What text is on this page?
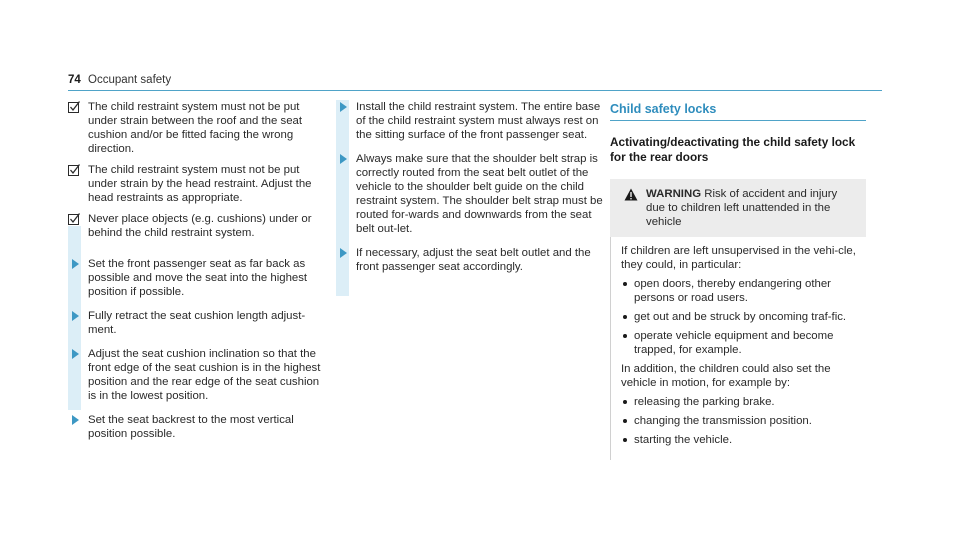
74 Occupant safety
The child restraint system must not be put under strain between the roof and the seat cushion and/or be fitted facing the wrong direction.
The child restraint system must not be put under strain by the head restraint. Adjust the head restraints as appropriate.
Never place objects (e.g. cushions) under or behind the child restraint system.
Set the front passenger seat as far back as possible and move the seat into the highest position if possible.
Fully retract the seat cushion length adjust-ment.
Adjust the seat cushion inclination so that the front edge of the seat cushion is in the highest position and the rear edge of the seat cushion is in the lowest position.
Set the seat backrest to the most vertical position possible.
Install the child restraint system. The entire base of the child restraint system must always rest on the sitting surface of the front passenger seat.
Always make sure that the shoulder belt strap is correctly routed from the seat belt outlet of the vehicle to the shoulder belt guide on the child restraint system. The shoulder belt strap must be routed for-wards and downwards from the seat belt out-let.
If necessary, adjust the seat belt outlet and the front passenger seat accordingly.
Child safety locks
Activating/deactivating the child safety lock for the rear doors
WARNING Risk of accident and injury due to children left unattended in the vehicle

If children are left unsupervised in the vehi-cle, they could, in particular:

open doors, thereby endangering other persons or road users.
get out and be struck by oncoming traf-fic.
operate vehicle equipment and become trapped, for example.

In addition, the children could also set the vehicle in motion, for example by:

releasing the parking brake.
changing the transmission position.
starting the vehicle.
